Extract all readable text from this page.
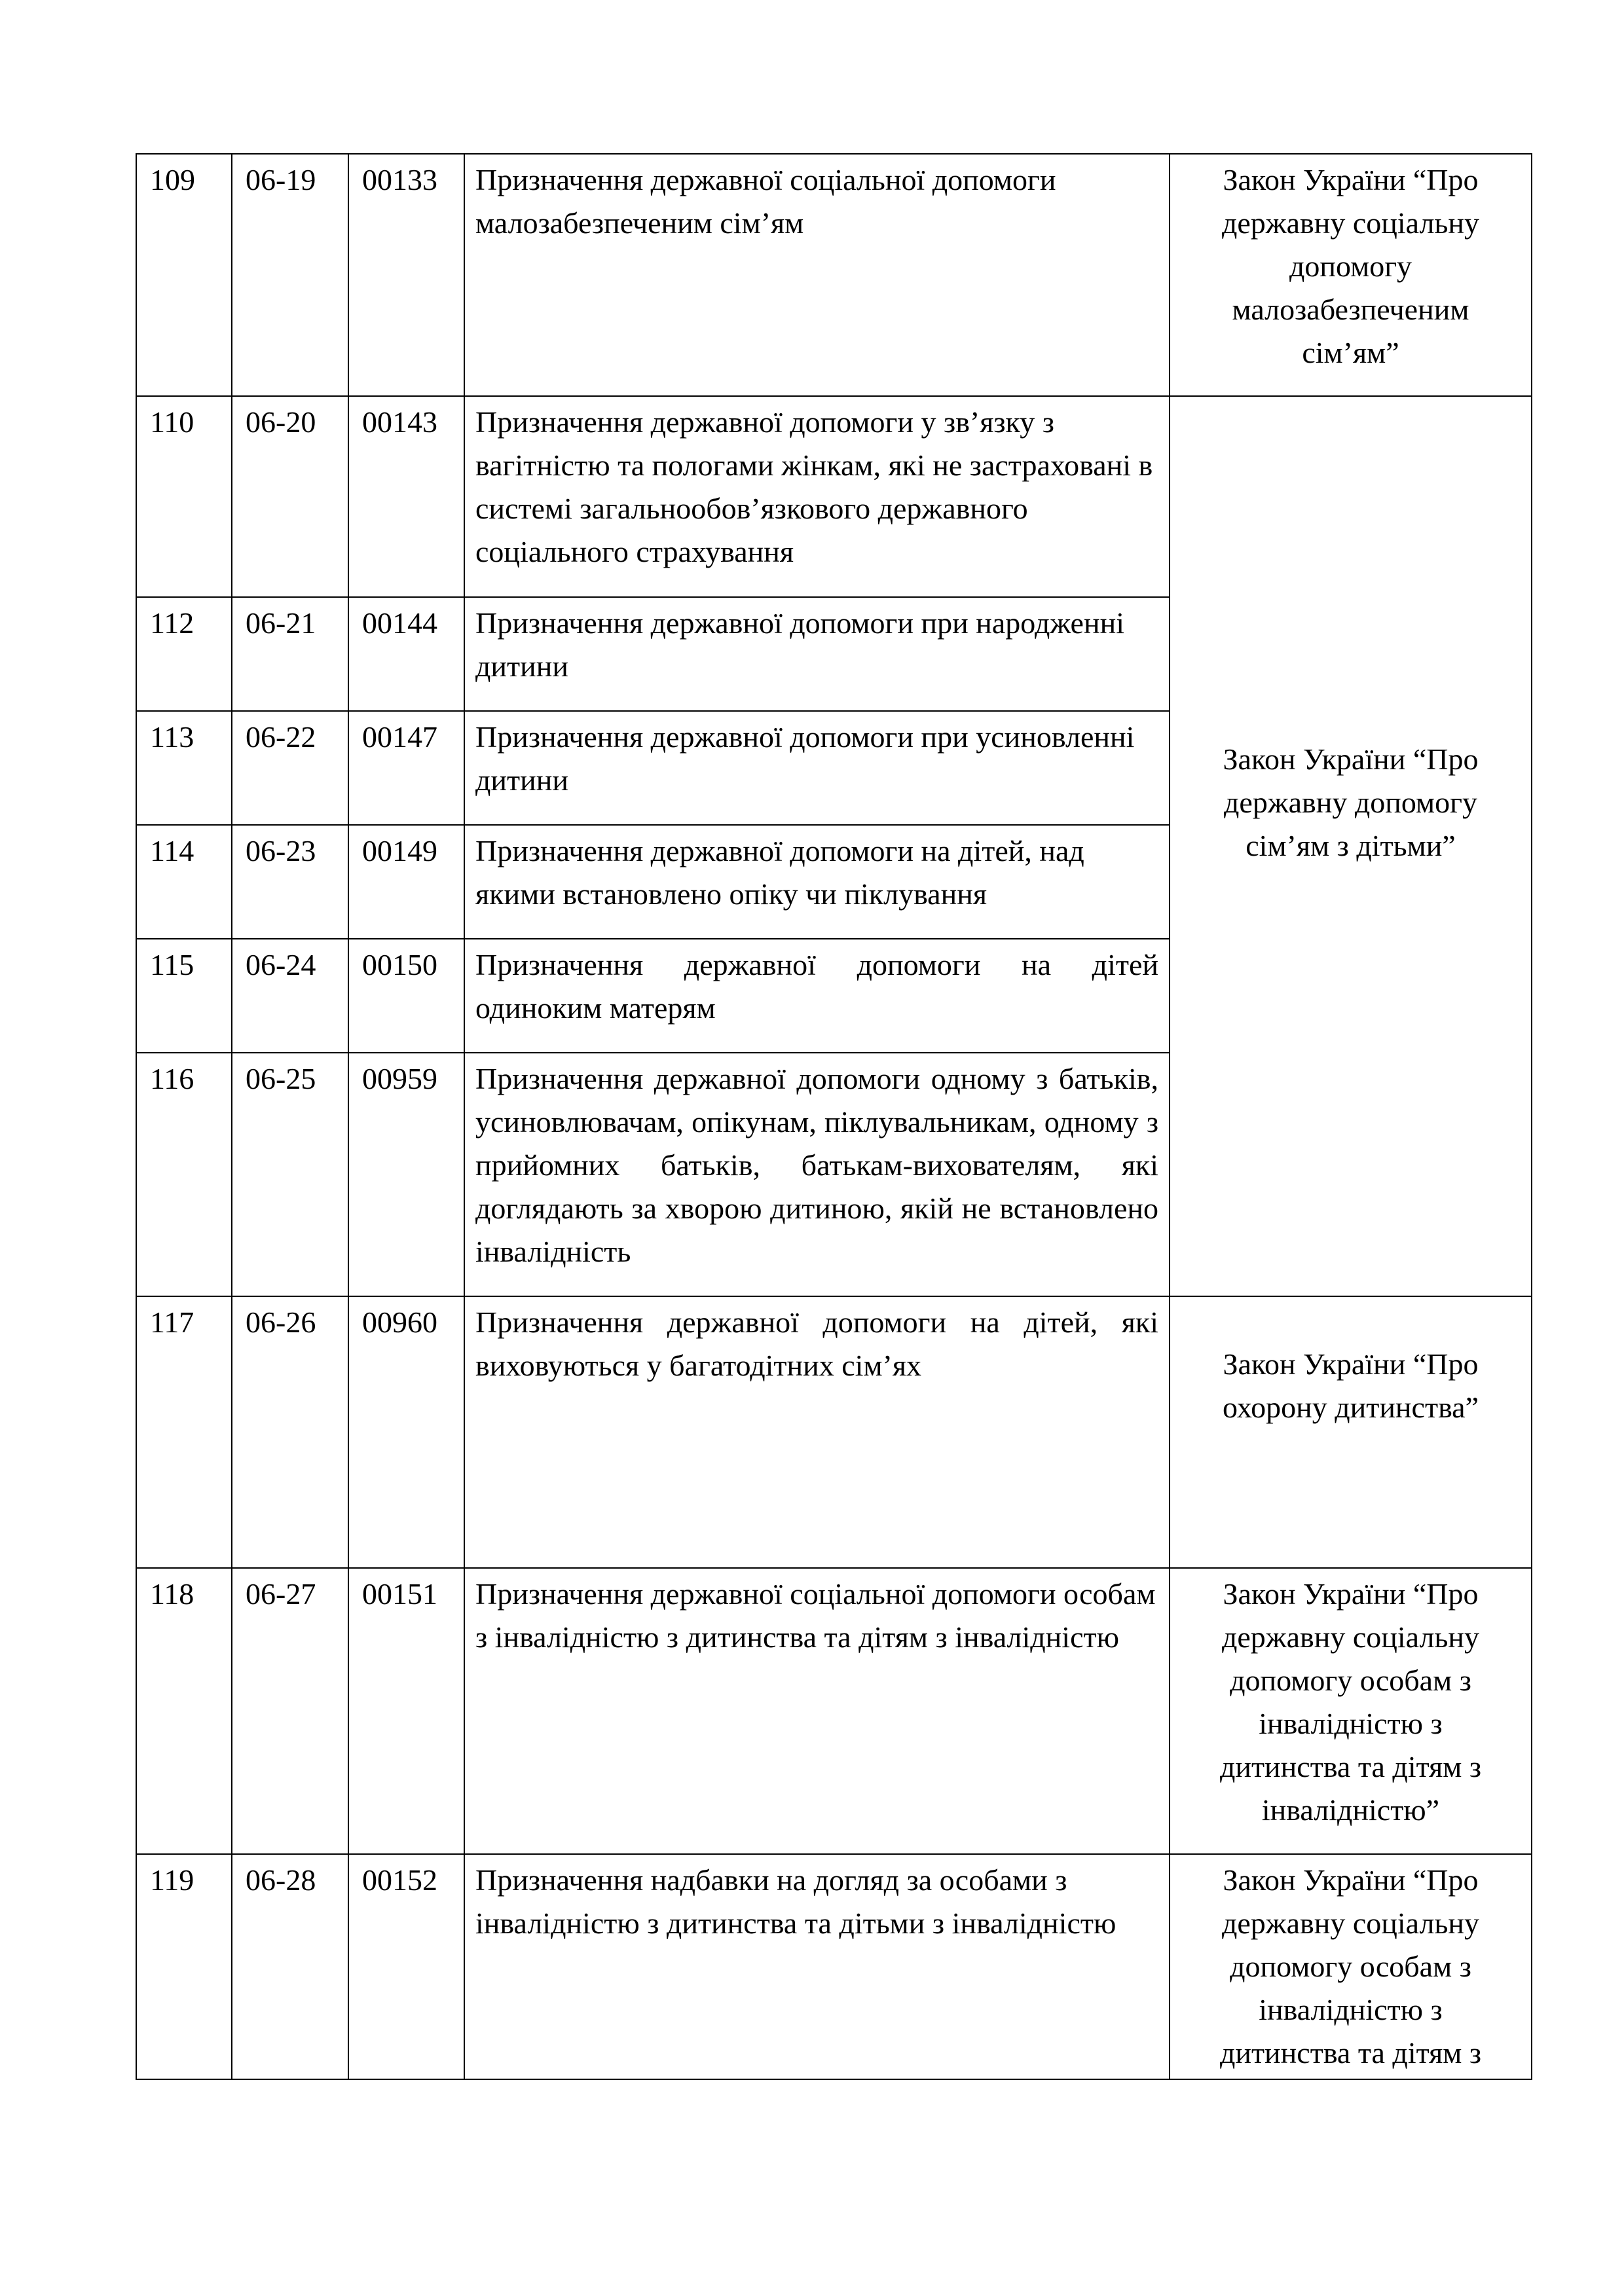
109	06-19	00133	Призначення державної соціальної допомоги малозабезпеченим сім’ям	Закон України “Про державну соціальну допомогу малозабезпеченим сім’ям”
110	06-20	00143	Призначення державної допомоги у зв’язку з вагітністю та пологами жінкам, які не застраховані в системі загальнообов’язкового державного соціального страхування	Закон України “Про державну допомогу сім’ям з дітьми”
112	06-21	00144	Призначення державної допомоги при народженні дитини	
113	06-22	00147	Призначення державної допомоги при усиновленні дитини	
114	06-23	00149	Призначення державної допомоги на дітей, над якими встановлено опіку чи піклування	
115	06-24	00150	Призначення державної допомоги на дітей одиноким матерям	
116	06-25	00959	Призначення державної допомоги одному з батьків, усиновлювачам, опікунам, піклувальникам, одному з прийомних батьків, батькам-вихователям, які доглядають за хворою дитиною, якій не встановлено інвалідність	
117	06-26	00960	Призначення державної допомоги на дітей, які виховуються у багатодітних сім’ях	Закон України “Про охорону дитинства”
118	06-27	00151	Призначення державної соціальної допомоги особам з інвалідністю з дитинства та дітям з інвалідністю	Закон України “Про державну соціальну допомогу особам з інвалідністю з дитинства та дітям з інвалідністю”
119	06-28	00152	Призначення надбавки на догляд за особами з інвалідністю з дитинства та дітьми з інвалідністю	Закон України “Про державну соціальну допомогу особам з інвалідністю з дитинства та дітям з
